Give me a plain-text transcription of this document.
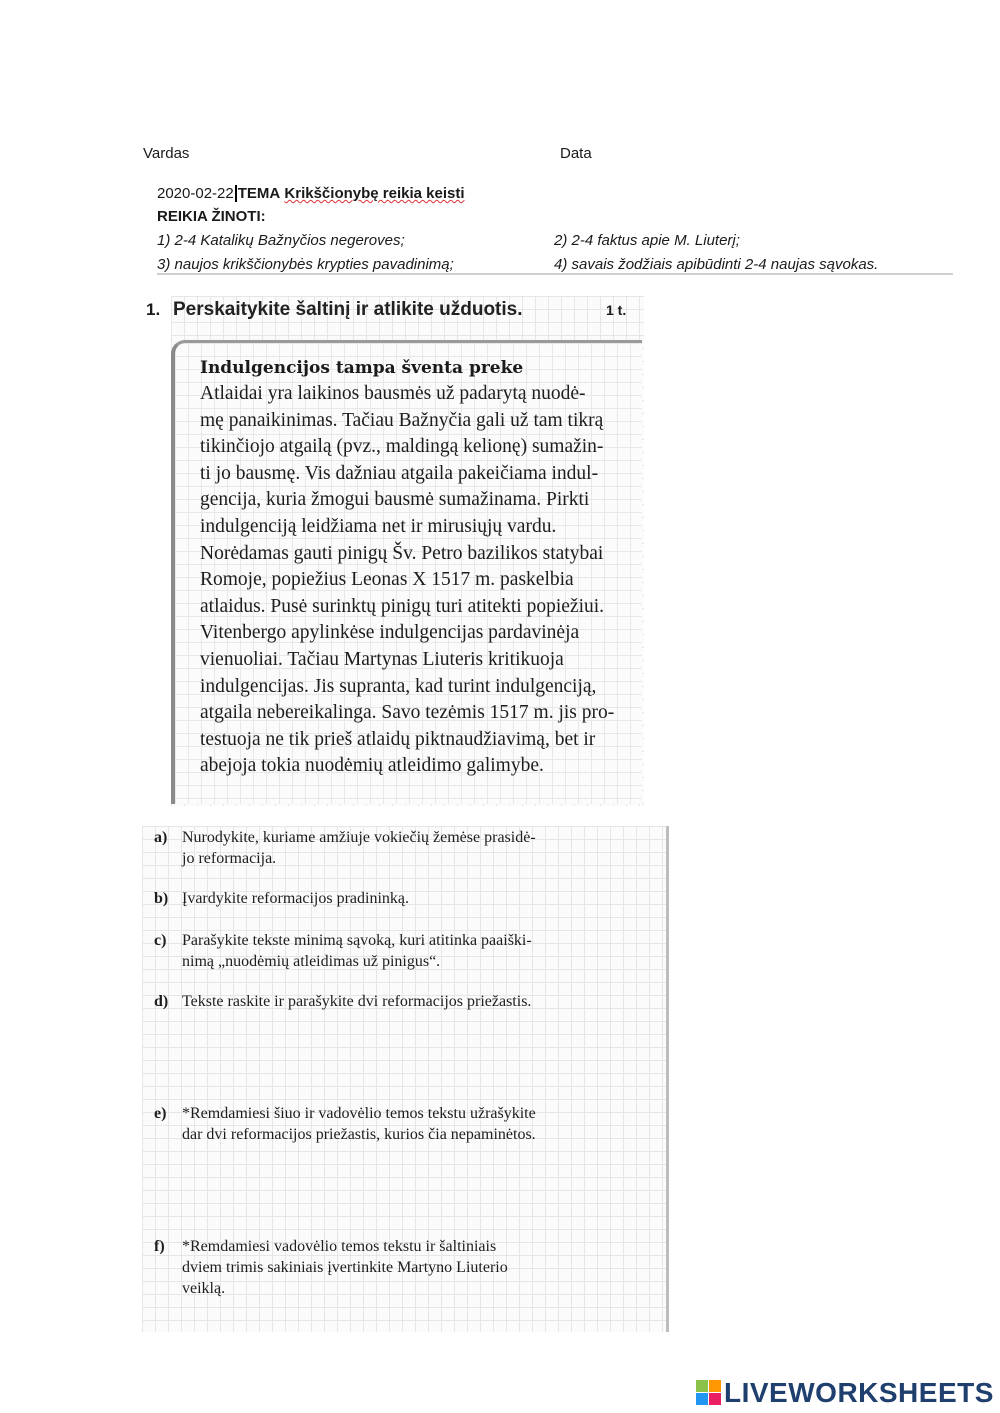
Vardas	Data
2020-02-22 TEMA Krikščionybę reikia keisti
REIKIA ŽINOTI:
1) 2-4 Katalikų Bažnyčios negeroves;	2) 2-4 faktus apie M. Liuterį;
3) naujos krikščionybės krypties pavadinimą;	4) savais žodžiais apibūdinti 2-4 naujas sąvokas.
1. Perskaitykite šaltinį ir atlikite užduotis.	1 t.
Indulgencijos tampa šventa preke
Atlaidai yra laikinos bausmės už padarytą nuodė-
mę panaikinimas. Tačiau Bažnyčia gali už tam tikrą
tikinčiojo atgailą (pvz., maldingą kelionę) sumažin-
ti jo bausmę. Vis dažniau atgaila pakeičiama indul-
gencija, kuria žmogui bausmė sumažinama. Pirkti
indulgenciją leidžiama net ir mirusiųjų vardu.
Norėdamas gauti pinigų Šv. Petro bazilikos statybai
Romoje, popiežius Leonas X 1517 m. paskelbia
atlaidus. Pusė surinktų pinigų turi atitekti popiežiui.
Vitenbergo apylinkėse indulgencijas pardavinėja
vienuoliai. Tačiau Martynas Liuteris kritikuoja
indulgencijas. Jis supranta, kad turint indulgenciją,
atgaila nebereikalinga. Savo tezėmis 1517 m. jis pro-
testuoja ne tik prieš atlaidų piktnaudžiavimą, bet ir
abejoja tokia nuodėmių atleidimo galimybe.
a) Nurodykite, kuriame amžiuje vokiečių žemėse prasidė-
jo reformacija.
b) Įvardykite reformacijos pradininką.
c) Parašykite tekste minimą sąvoką, kuri atitinka paaiški-
nimą „nuodėmių atleidimas už pinigus“.
d) Tekste raskite ir parašykite dvi reformacijos priežastis.
e) *Remdamiesi šiuo ir vadovėlio temos tekstu užrašykite
dar dvi reformacijos priežastis, kurios čia nepaminėtos.
f) *Remdamiesi vadovėlio temos tekstu ir šaltiniais
dviem trimis sakiniais įvertinkite Martyno Liuterio
veiklą.
LIVEWORKSHEETS
